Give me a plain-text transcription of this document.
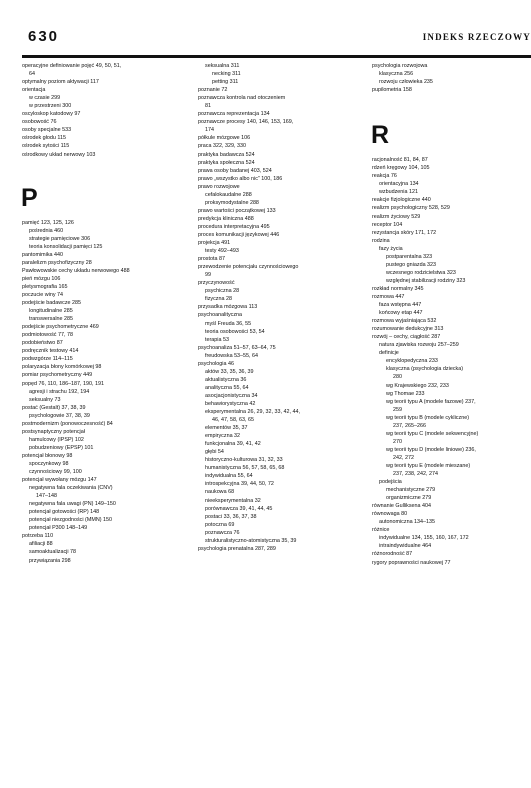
630	INDEKS RZECZOWY
operacyjne definiowanie pojęć 49, 50, 51,
64
optymalny poziom aktywacji 117
orientacja
w czasie 299
w przestrzeni 300
oscyloskop katodowy 97
osobowość 76
osoby specjalne 533
ośrodek głodu 115
ośrodek sytości 115
ośrodkowy układ nerwowy 103
P
pamięć 123, 125, 126
pośrednia 460
strategie pamięciowe 306
teoria konsolidacji pamięci 125
pantomimika 440
paralelizm psychofizyczny 28
Pawłowowskie cechy układu nerwowego 488
pień mózgu 106
pletysmografia 165
poczucie winy 74
podejście badawcze 285
longitudinalne 285
transwersalne 285
podejście psychometryczne 469
podmiotowość 77, 78
podobieństwo 87
podręcznik testowy 414
podwzgórze 114–115
polaryzacja błony komórkowej 98
pomiar psychometryczny 449
popęd 76, 110, 186–187, 190, 191
agresji i strachu 192, 194
seksualny 73
postać (Gestalt) 37, 38, 39
psychologowie 37, 38, 39
postmodernizm (ponowoczesność) 84
postsynaptyczny potencjał
hamulcowy (IPSP) 102
pobudzeniowy (EPSP) 101
potencjał błonowy 98
spoczynkowy 98
czynnościowy 99, 100
potencjał wywołany mózgu 147
negatywna fala oczekiwania (CNV)
147–148
negatywna fala uwagi (PN) 149–150
potencjał gotowości (RP) 148
potencjał niezgodności (MMN) 150
potencjał P300 148–149
potrzeba 110
afiliacji 88
samoaktualizacji 78
przywiązania 298
seksualna 311
necking 311
petting 311
poznanie 72
poznawcza kontrola nad otoczeniem
81
poznawcza reprezentacja 134
poznawcze procesy 140, 146, 153, 169,
174
półkule mózgowe 106
praca 322, 329, 330
praktyka badawcza 524
praktyka społeczna 524
prawa osoby badanej 403, 524
prawo „wszystko albo nic” 100, 186
prawo rozwojowe
cefalokaudalne 288
proksymodystalne 288
prawo wartości początkowej 133
predykcja kliniczna 488
procedura interpretacyjna 495
proces komunikacji językowej 446
projekcja 491
testy 492–493
prostota 87
przewodzenie potencjału czynnościowego
99
przyczynowość
psychiczna 28
fizyczna 28
przysadka mózgowa 113
psychoanalityczna
myśl Freuda 36, 55
teoria osobowości 53, 54
terapia 53
psychoanaliza 51–57, 63–64, 75
freudowska 53–55, 64
psychologia 46
aktów 33, 35, 36, 39
aktualistyczna 36
analityczna 55, 64
asocjacjonistyczna 34
behawiorystyczna 42
eksperymentalna 26, 29, 32, 33, 42, 44,
46, 47, 58, 63, 65
elementów 35, 37
empiryczna 32
funkcjonalna 39, 41, 42
głębi 54
historyczno-kulturowa 31, 32, 33
humanistyczna 56, 57, 58, 65, 68
indywidualna 55, 64
introspekcyjna 39, 44, 50, 72
naukowa 68
nieeksperymentalna 32
porównawcza 39, 41, 44, 45
postaci 33, 36, 37, 38
potoczna 69
poznawcza 76
strukturalistyczno-atomistyczna 35, 39
psychologia prenatalna 287, 289
psychologia rozwojowa
klasyczna 256
rozwoju człowieka 235
pupilometria 158
R
racjonalność 81, 84, 87
rdzeń kręgowy 104, 105
reakcja 76
orientacyjna 134
wzbudzenia 121
reakcje fizjologiczne 440
realizm psychologiczny 528, 529
realizm życiowy 529
receptor 104
rezystancja skóry 171, 172
rodzina
fazy życia
postparentalna 323
pustego gniazda 323
wczesnego rodzicielstwa 323
względnej stabilizacji rodziny 323
rozkład normalny 345
rozmowa 447
faza wstępna 447
końcowy etap 447
rozmowa wyjaśniająca 532
rozumowanie dedukcyjne 313
rozwój – cechy, ciągłość 287
natura zjawiska rozwoju 257–259
definicje
encyklopedyczna 233
klasyczna (psychologia dziecka)
280
wg Krajewskiego 232, 233
wg Thomae 233
wg teorii typu A (modele fazowe) 237,
259
wg teorii typu B (modele cykliczne)
237, 265–266
wg teorii typu C (modele sekwencyjne)
270
wg teorii typu D (modele liniowe) 236,
242, 272
wg teorii typu E (modele mieszane)
237, 238, 242, 274
podejścia
mechanistyczne 279
organizmiczne 279
równanie Gulliksena 404
równowaga 80
autonomiczna 134–135
różnice
indywidualne 134, 155, 160, 167, 172
intraindywidualne 464
różnorodność 87
rygory poprawności naukowej 77
